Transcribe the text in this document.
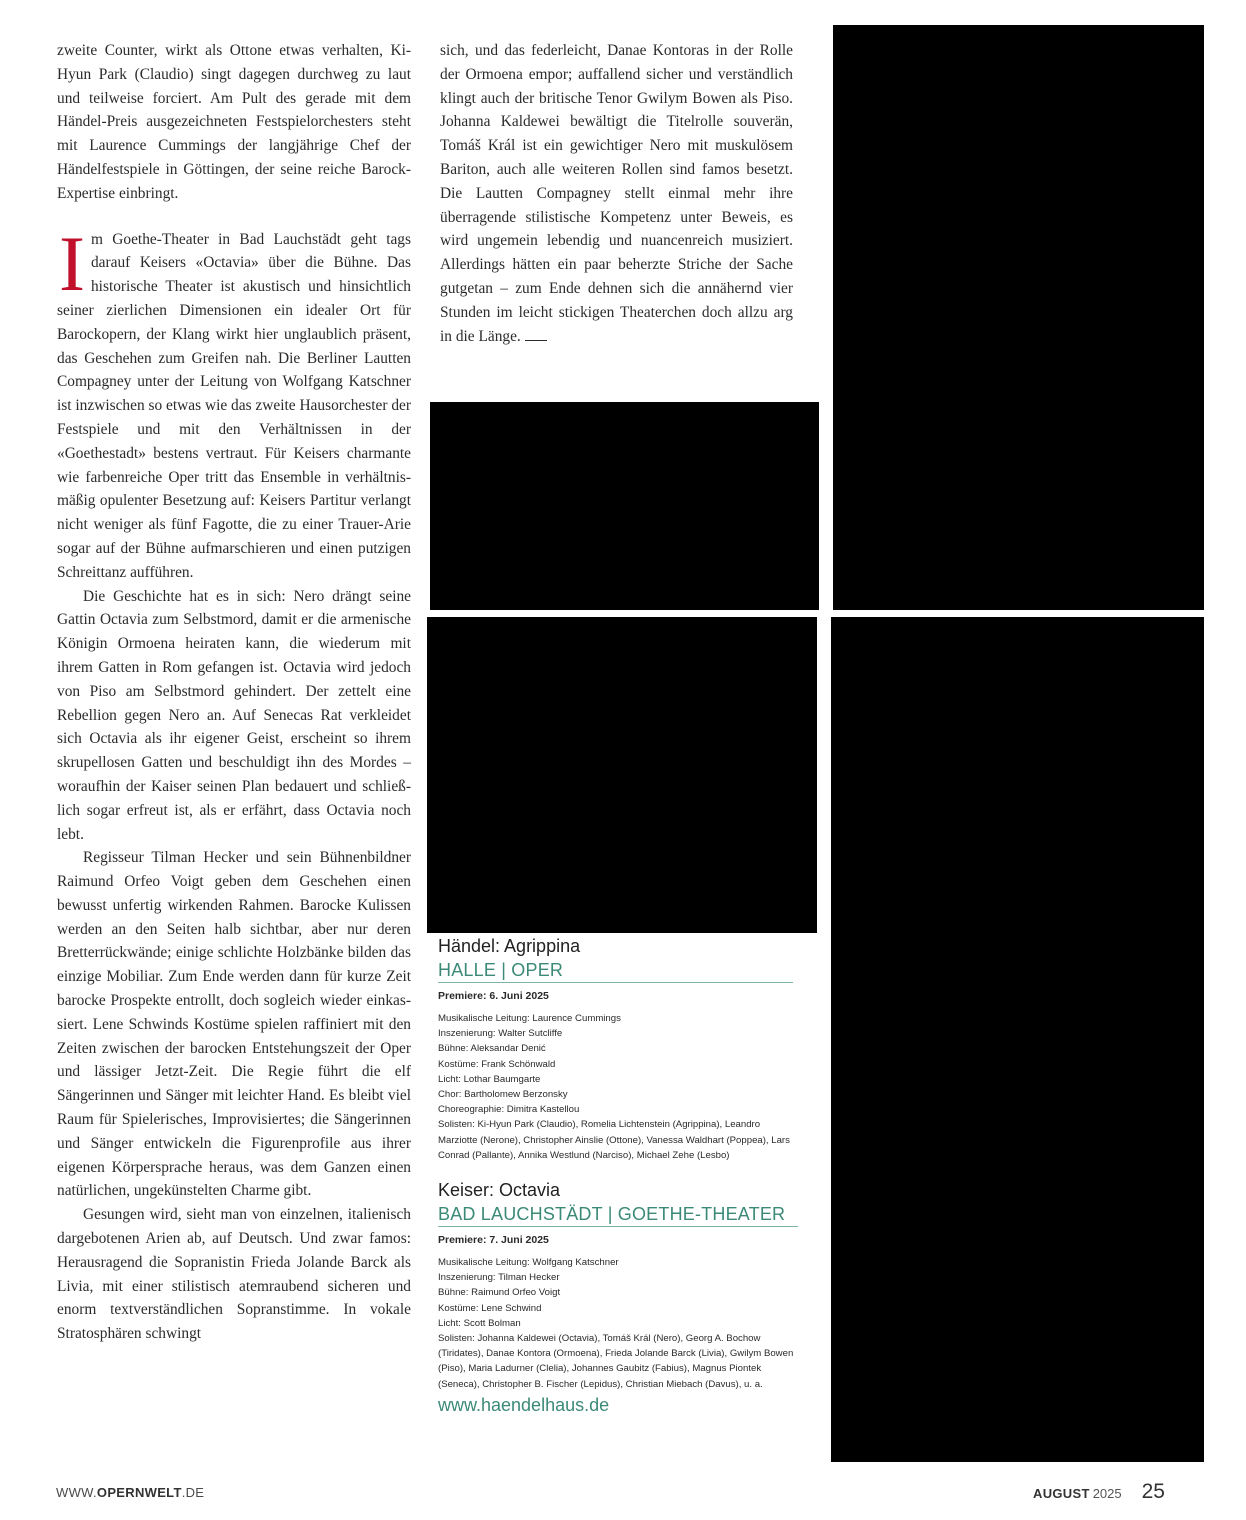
zweite Counter, wirkt als Ottone etwas verhalten, Ki-Hyun Park (Claudio) singt dagegen durchweg zu laut und teilweise forciert. Am Pult des gerade mit dem Händel-Preis ausgezeichneten Festspielorchesters steht mit Laurence Cummings der langjährige Chef der Händelfestspiele in Göttingen, der seine reiche Barock-Expertise einbringt.

Im Goethe-Theater in Bad Lauchstädt geht tags darauf Keisers «Octavia» über die Bühne. Das historische Theater ist akustisch und hinsichtlich seiner zierlichen Dimensionen ein idealer Ort für Barockopern, der Klang wirkt hier unglaublich präsent, das Geschehen zum Greifen nah. Die Berliner Lautten Compagney unter der Leitung von Wolfgang Katschner ist inzwischen so etwas wie das zweite Hausorchester der Festspiele und mit den Verhältnissen in der «Goethestadt» bestens vertraut. Für Keisers charmante wie farbenreiche Oper tritt das Ensemble in verhältnismäßig opulenter Besetzung auf: Keisers Partitur verlangt nicht weniger als fünf Fagotte, die zu einer Trauer-Arie sogar auf der Bühne aufmarschieren und einen putzigen Schreittanz aufführen.

Die Geschichte hat es in sich: Nero drängt seine Gattin Octavia zum Selbstmord, damit er die armenische Königin Ormoena heiraten kann, die wiederum mit ihrem Gatten in Rom gefangen ist. Octavia wird jedoch von Piso am Selbstmord gehindert. Der zettelt eine Rebellion gegen Nero an. Auf Senecas Rat verkleidet sich Octavia als ihr eigener Geist, erscheint so ihrem skrupellosen Gatten und beschuldigt ihn des Mordes – woraufhin der Kaiser seinen Plan bedauert und schließlich sogar erfreut ist, als er erfährt, dass Octavia noch lebt.

Regisseur Tilman Hecker und sein Bühnenbildner Raimund Orfeo Voigt geben dem Geschehen einen bewusst unfertig wirkenden Rahmen. Barocke Kulissen werden an den Seiten halb sichtbar, aber nur deren Bretterrückwände; einige schlichte Holzbänke bilden das einzige Mobiliar. Zum Ende werden dann für kurze Zeit barocke Prospekte entrollt, doch sogleich wieder einkassiert. Lene Schwinds Kostüme spielen raffiniert mit den Zeiten zwischen der barocken Entstehungszeit der Oper und lässiger Jetzt-Zeit. Die Regie führt die elf Sängerinnen und Sänger mit leichter Hand. Es bleibt viel Raum für Spielerisches, Improvisiertes; die Sängerinnen und Sänger entwickeln die Figurenprofile aus ihrer eigenen Körpersprache heraus, was dem Ganzen einen natürlichen, ungekünstelten Charme gibt.

Gesungen wird, sieht man von einzelnen, italienisch dargebotenen Arien ab, auf Deutsch. Und zwar famos: Herausragend die Sopranistin Frieda Jolande Barck als Livia, mit einer stilistisch atemraubend sicheren und enorm textverständlichen Sopranstimme. In vokale Stratosphären schwingt

sich, und das federleicht, Danae Kontoras in der Rolle der Ormoena empor; auffallend sicher und verständlich klingt auch der britische Tenor Gwilym Bowen als Piso. Johanna Kaldewei bewältigt die Titelrolle souverän, Tomáš Král ist ein gewichtiger Nero mit muskulösem Bariton, auch alle weiteren Rollen sind famos besetzt. Die Lautten Compagney stellt einmal mehr ihre überragende stilistische Kompetenz unter Beweis, es wird ungemein lebendig und nuancenreich musiziert. Allerdings hätten ein paar beherzte Striche der Sache gutgetan – zum Ende dehnen sich die annähernd vier Stunden im leicht stickigen Theaterchen doch allzu arg in die Länge.

Händel: Agrippina
HALLE | OPER
Premiere: 6. Juni 2025
Musikalische Leitung: Laurence Cummings
Inszenierung: Walter Sutcliffe
Bühne: Aleksandar Denić
Kostüme: Frank Schönwald
Licht: Lothar Baumgarte
Chor: Bartholomew Berzonsky
Choreographie: Dimitra Kastellou
Solisten: Ki-Hyun Park (Claudio), Romelia Lichtenstein (Agrippina), Leandro Marziotte (Nerone), Christopher Ainslie (Ottone), Vanessa Waldhart (Poppea), Lars Conrad (Pallante), Annika Westlund (Narciso), Michael Zehe (Lesbo)
Keiser: Octavia
BAD LAUCHSTÄDT | GOETHE-THEATER
Premiere: 7. Juni 2025
Musikalische Leitung: Wolfgang Katschner
Inszenierung: Tilman Hecker
Bühne: Raimund Orfeo Voigt
Kostüme: Lene Schwind
Licht: Scott Bolman
Solisten: Johanna Kaldewei (Octavia), Tomáš Král (Nero), Georg A. Bochow (Tiridates), Danae Kontora (Ormoena), Frieda Jolande Barck (Livia), Gwilym Bowen (Piso), Maria Ladurner (Clelia), Johannes Gaubitz (Fabius), Magnus Piontek (Seneca), Christopher B. Fischer (Lepidus), Christian Miebach (Davus), u. a.
www.haendelhaus.de
WWW.OPERNWELT.DE	AUGUST 2025 25
